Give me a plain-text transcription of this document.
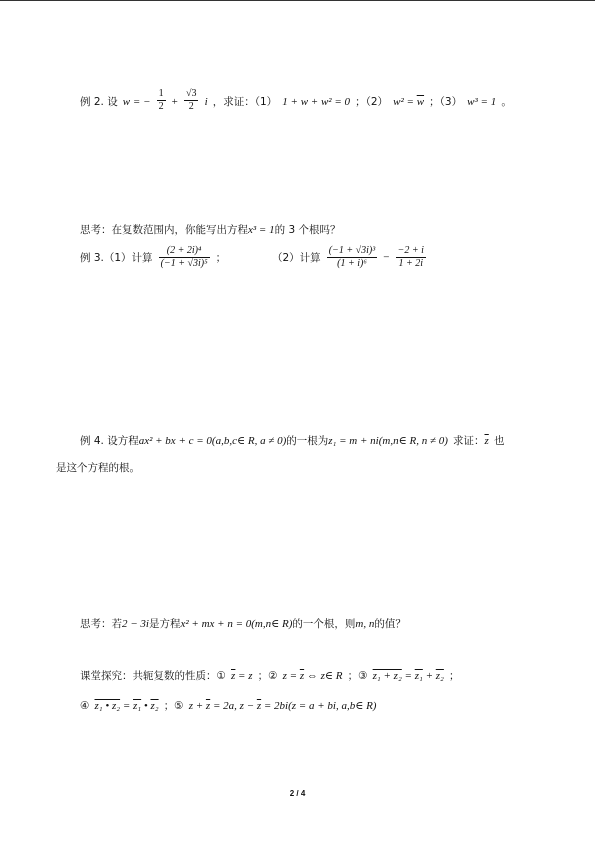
例 2. 设 w = − $\frac{1}{2} + \frac{√3}{2}$ i ，求证：（1） 1 + w + w² = 0 ；（2） $w^2 = \overline{w}$ ；（3） w³ = 1 。
思考：在复数范围内，你能写出方程x³ = 1的 3 个根吗？
例 3.（1）计算 $\frac{\text{(2 + 2i)⁴}}{\text{(−1 + √3i)⁵}}$ ；	（2）计算 $\frac{\text{(−1 + √3i)³}}{\text{(1 + i)⁶}} - \frac{-2 + i}{1 + 2i}$
例 4. 设方程ax² + bx + c = 0(a,b,c∈ R, a ≠ 0)的一根为z₁ = m + ni(m,n∈ R, n ≠ 0) 求证：$\overline{z}$ 也
是这个方程的根。
思考：若2 − 3i是方程x² + mx + n = 0(m,n∈ R)的一个根，则m, n的值？
课堂探究：共轭复数的性质：① z = z ；② $z = \overline{z}$ ⇔ z∈ R ；③ z₁ + z₂ = z₁ + z₂ ；
④ z₁ • z₂ = z₁ • z₂ ；⑤ $z + \overline{z} = 2a$, $z - \overline{z} = 2bi(z = a$ + bi, a,b∈ R)
2 / 4
